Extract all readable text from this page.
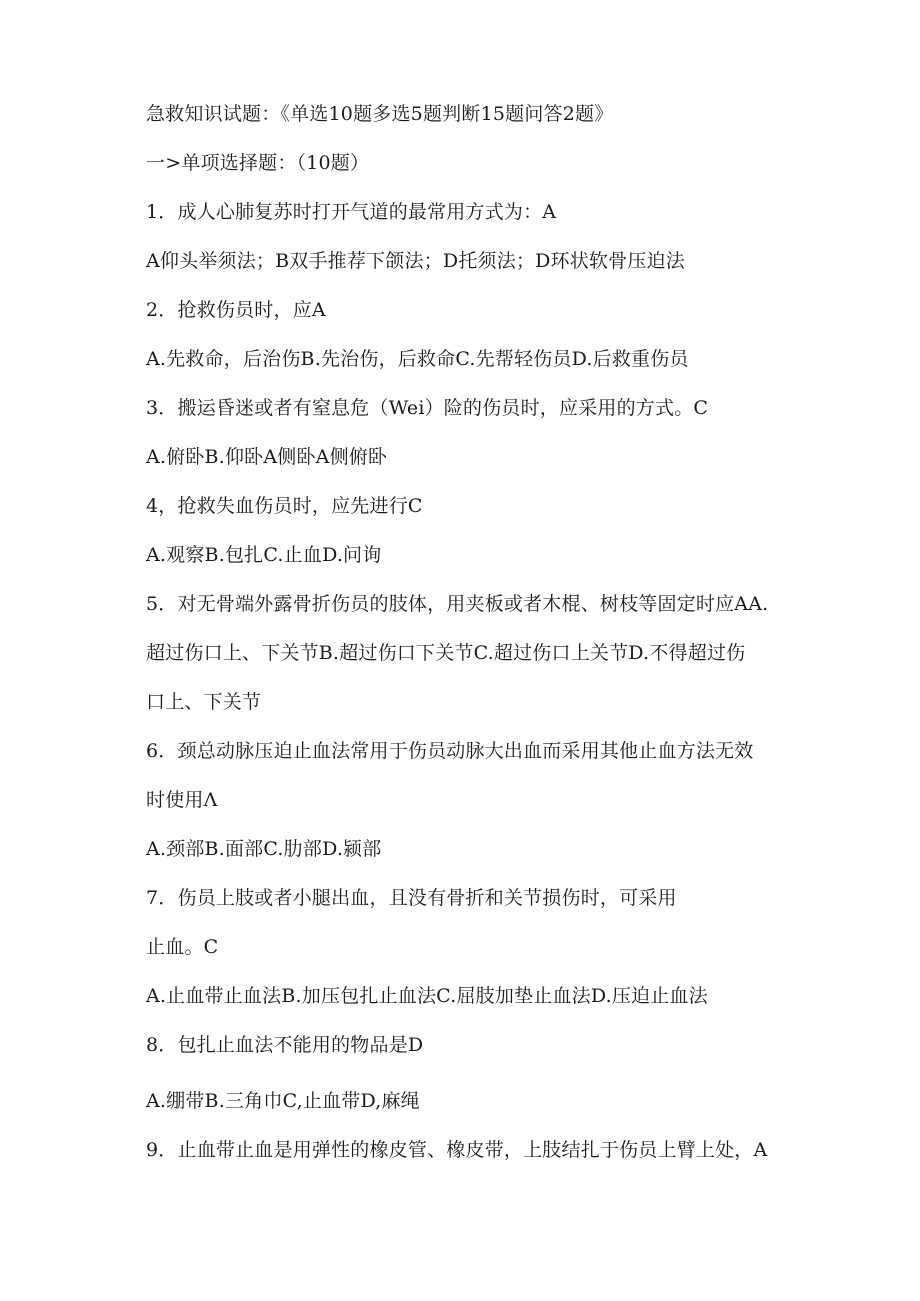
急救知识试题：《单选10题多选5题判断15题问答2题》
一>单项选择题：（10题）
1．成人心肺复苏时打开气道的最常用方式为：A
A仰头举须法；B双手推荐下颌法；D托须法；D环状软骨压迫法
2．抢救伤员时，应A
A.先救命，后治伤B.先治伤，后救命C.先帮轻伤员D.后救重伤员
3．搬运昏迷或者有窒息危（Wei）险的伤员时，应采用的方式。C
A.俯卧B.仰卧A侧卧A侧俯卧
4，抢救失血伤员时，应先进行C
A.观察B.包扎C.止血D.问询
5．对无骨端外露骨折伤员的肢体，用夹板或者木棍、树枝等固定时应AA.
超过伤口上、下关节B.超过伤口下关节C.超过伤口上关节D.不得超过伤
口上、下关节
6．颈总动脉压迫止血法常用于伤员动脉大出血而采用其他止血方法无效
时使用Λ
A.颈部B.面部C.肋部D.颍部
7．伤员上肢或者小腿出血，且没有骨折和关节损伤时，可采用
止血。C
A.止血带止血法B.加压包扎止血法C.屈肢加垫止血法D.压迫止血法
8．包扎止血法不能用的物品是D
A.绷带B.三角巾C,止血带D,麻绳
9．止血带止血是用弹性的橡皮管、橡皮带，上肢结扎于伤员上臂上处，A
